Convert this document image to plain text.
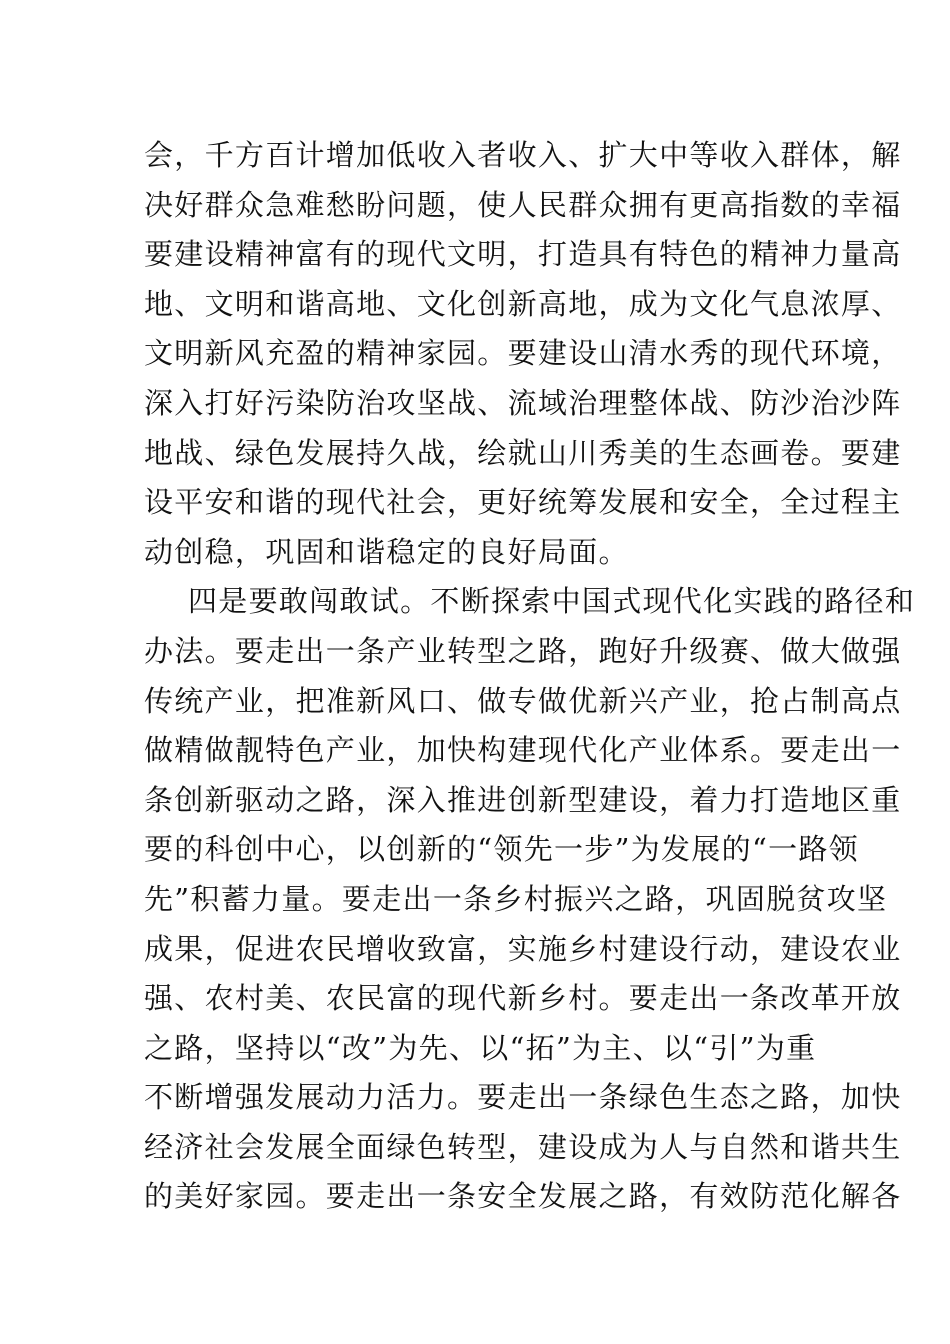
会，千方百计增加低收入者收入、扩大中等收入群体，解
决好群众急难愁盼问题，使人民群众拥有更高指数的幸福
要建设精神富有的现代文明，打造具有特色的精神力量高
地、文明和谐高地、文化创新高地，成为文化气息浓厚、
文明新风充盈的精神家园。要建设山清水秀的现代环境，
深入打好污染防治攻坚战、流域治理整体战、防沙治沙阵
地战、绿色发展持久战，绘就山川秀美的生态画卷。要建
设平安和谐的现代社会，更好统筹发展和安全，全过程主
动创稳，巩固和谐稳定的良好局面。
四是要敢闯敢试。不断探索中国式现代化实践的路径和
办法。要走出一条产业转型之路，跑好升级赛、做大做强
传统产业，把准新风口、做专做优新兴产业，抢占制高点
做精做靓特色产业，加快构建现代化产业体系。要走出一
条创新驱动之路，深入推进创新型建设，着力打造地区重
要的科创中心，以创新的“领先一步”为发展的“一路领
先”积蓄力量。要走出一条乡村振兴之路，巩固脱贫攻坚
成果，促进农民增收致富，实施乡村建设行动，建设农业
强、农村美、农民富的现代新乡村。要走出一条改革开放
之路，坚持以“改”为先、以“拓”为主、以“引”为重
不断增强发展动力活力。要走出一条绿色生态之路，加快
经济社会发展全面绿色转型，建设成为人与自然和谐共生
的美好家园。要走出一条安全发展之路，有效防范化解各
